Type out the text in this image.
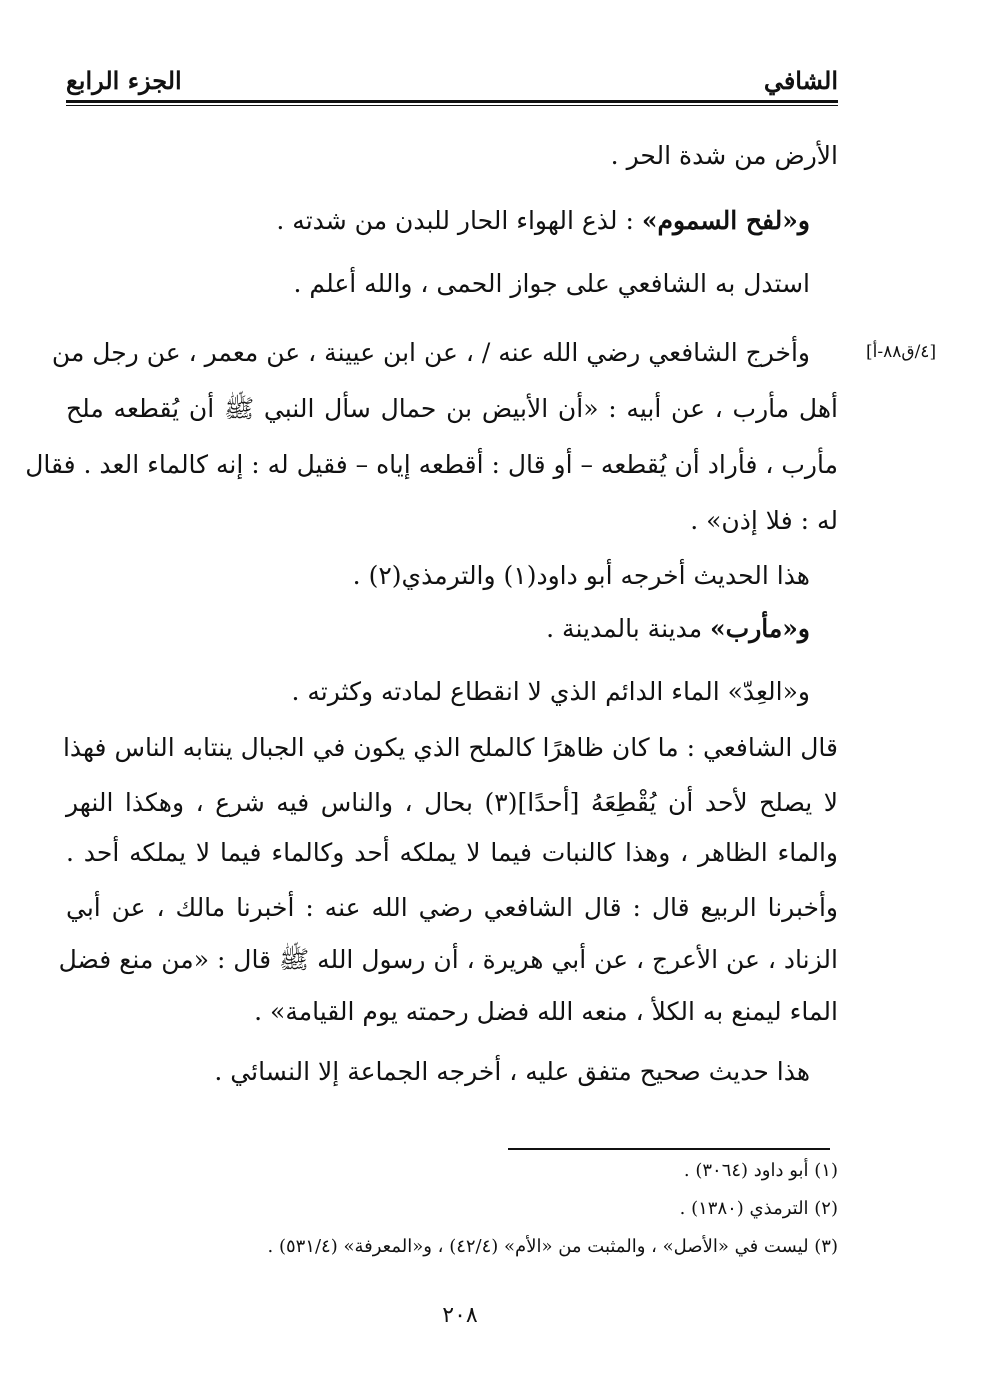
الشافي
الجزء الرابع
[٤/ق٨٨-أ]
الأرض من شدة الحر .
و«لفح السموم» : لذع الهواء الحار للبدن من شدته .
استدل به الشافعي على جواز الحمى ، والله أعلم .
وأخرج الشافعي رضي الله عنه / ، عن ابن عيينة ، عن معمر ، عن رجل من
أهل مأرب ، عن أبيه : «أن الأبيض بن حمال سأل النبي ﷺ أن يُقطعه ملح
مأرب ، فأراد أن يُقطعه – أو قال : أقطعه إياه – فقيل له : إنه كالماء العد . فقال
له : فلا إذن» .
هذا الحديث أخرجه أبو داود(١) والترمذي(٢) .
و«مأرب» مدينة بالمدينة .
و«العِدّ» الماء الدائم الذي لا انقطاع لمادته وكثرته .
قال الشافعي : ما كان ظاهرًا كالملح الذي يكون في الجبال ينتابه الناس فهذا
لا يصلح لأحد أن يُقْطِعَهُ [أحدًا](٣) بحال ، والناس فيه شرع ، وهكذا النهر
والماء الظاهر ، وهذا كالنبات فيما لا يملكه أحد وكالماء فيما لا يملكه أحد .
وأخبرنا الربيع قال : قال الشافعي رضي الله عنه : أخبرنا مالك ، عن أبي
الزناد ، عن الأعرج ، عن أبي هريرة ، أن رسول الله ﷺ قال : «من منع فضل
الماء ليمنع به الكلأ ، منعه الله فضل رحمته يوم القيامة» .
هذا حديث صحيح متفق عليه ، أخرجه الجماعة إلا النسائي .
(١) أبو داود (٣٠٦٤) .
(٢) الترمذي (١٣٨٠) .
(٣) ليست في «الأصل» ، والمثبت من «الأم» (٤٢/٤) ، و«المعرفة» (٥٣١/٤) .
٢٠٨
